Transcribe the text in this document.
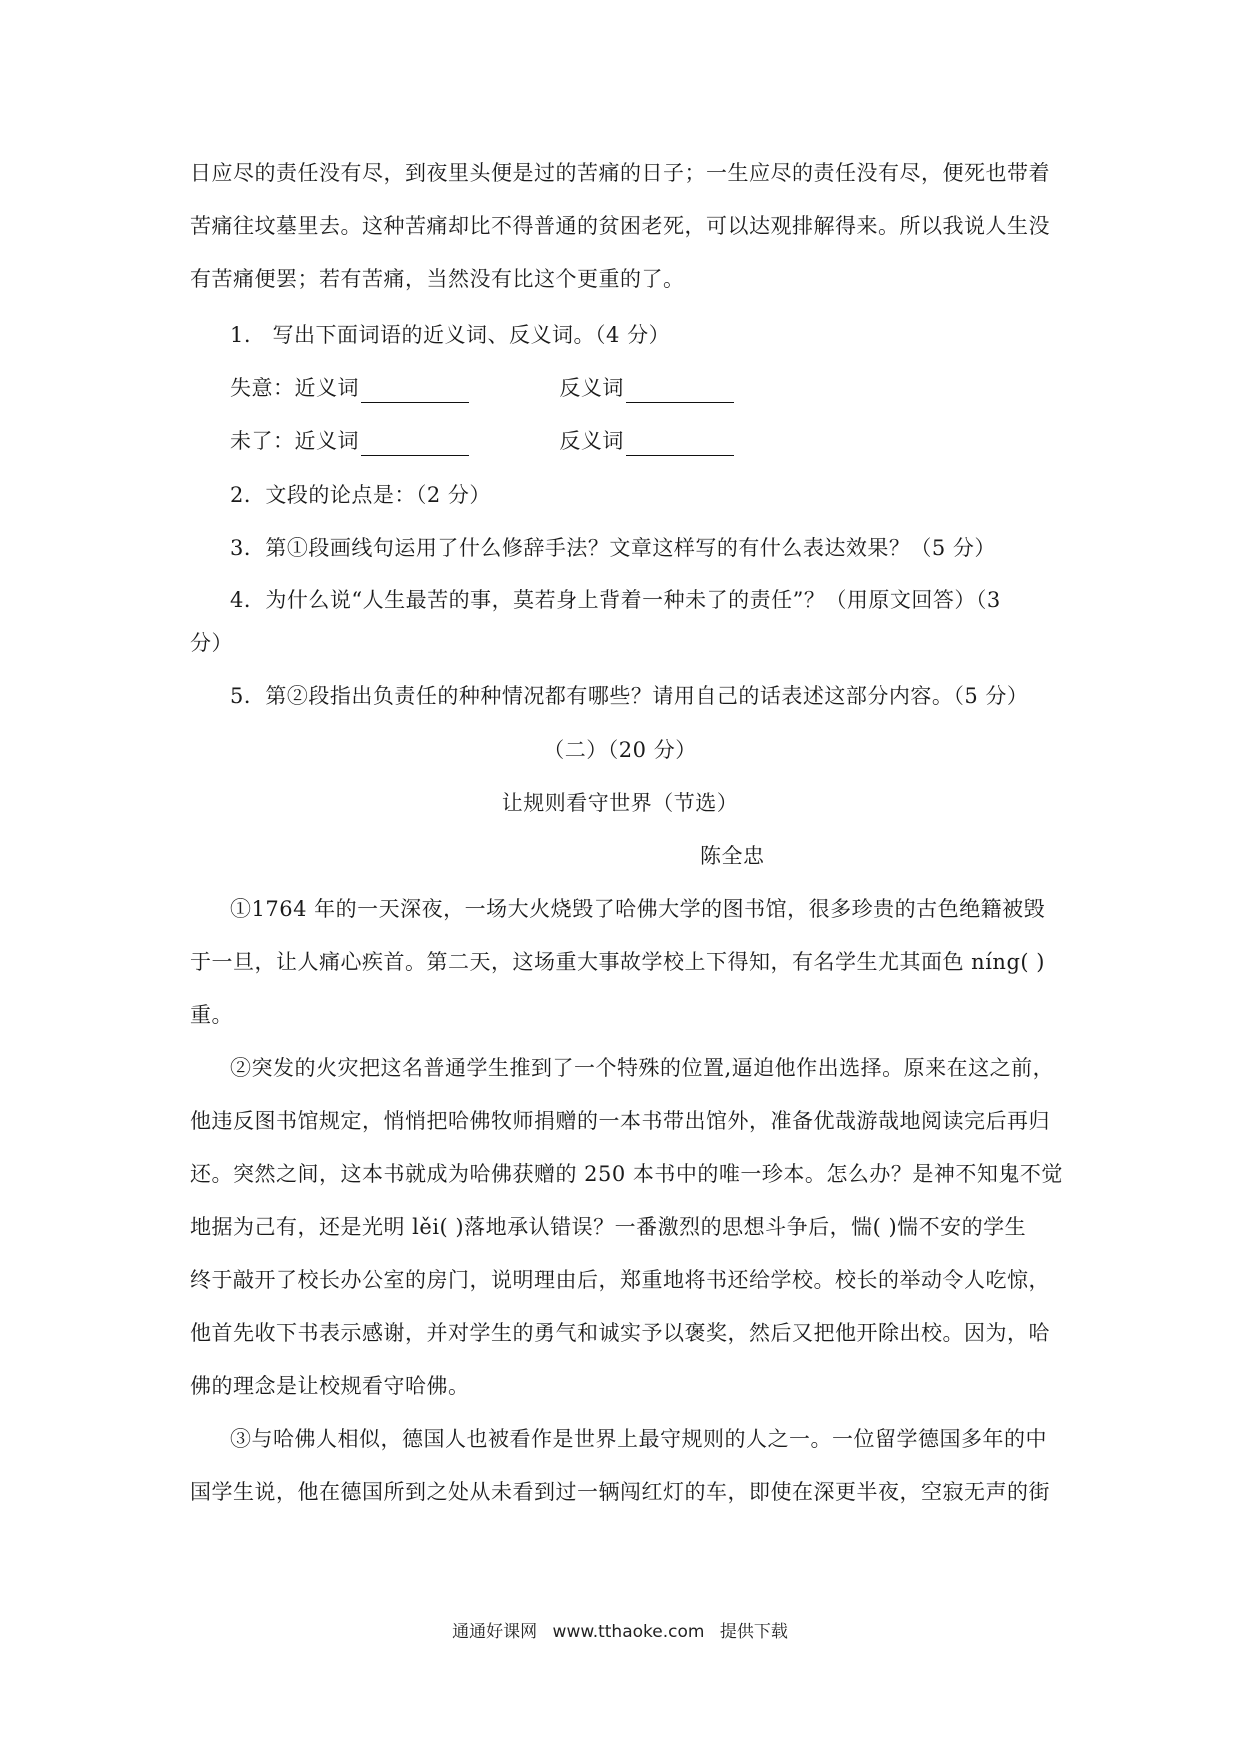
日应尽的责任没有尽，到夜里头便是过的苦痛的日子；一生应尽的责任没有尽，便死也带着
苦痛往坟墓里去。这种苦痛却比不得普通的贫困老死，可以达观排解得来。所以我说人生没
有苦痛便罢；若有苦痛，当然没有比这个更重的了。
1.　写出下面词语的近义词、反义词。（4 分）
失意：近义词	反义词
未了：近义词	反义词
2．文段的论点是：（2 分）
3．第①段画线句运用了什么修辞手法？文章这样写的有什么表达效果？（5 分）
4．为什么说“人生最苦的事，莫若身上背着一种未了的责任”？（用原文回答）（3
分）
5．第②段指出负责任的种种情况都有哪些？请用自己的话表述这部分内容。（5 分）
（二）（20 分）
让规则看守世界（节选）
陈全忠
①1764 年的一天深夜，一场大火烧毁了哈佛大学的图书馆，很多珍贵的古色绝籍被毁
于一旦，让人痛心疾首。第二天，这场重大事故学校上下得知，有名学生尤其面色 níng( )
重。
②突发的火灾把这名普通学生推到了一个特殊的位置,逼迫他作出选择。原来在这之前，
他违反图书馆规定，悄悄把哈佛牧师捐赠的一本书带出馆外，准备优哉游哉地阅读完后再归
还。突然之间，这本书就成为哈佛获赠的 250 本书中的唯一珍本。怎么办？是神不知鬼不觉
地据为己有，还是光明 lěi( )落地承认错误？一番激烈的思想斗争后，惴( )惴不安的学生
终于敲开了校长办公室的房门，说明理由后，郑重地将书还给学校。校长的举动令人吃惊，
他首先收下书表示感谢，并对学生的勇气和诚实予以褒奖，然后又把他开除出校。因为，哈
佛的理念是让校规看守哈佛。
③与哈佛人相似，德国人也被看作是世界上最守规则的人之一。一位留学德国多年的中
国学生说，他在德国所到之处从未看到过一辆闯红灯的车，即使在深更半夜，空寂无声的街
通通好课网 www.tthaoke.com 提供下载
